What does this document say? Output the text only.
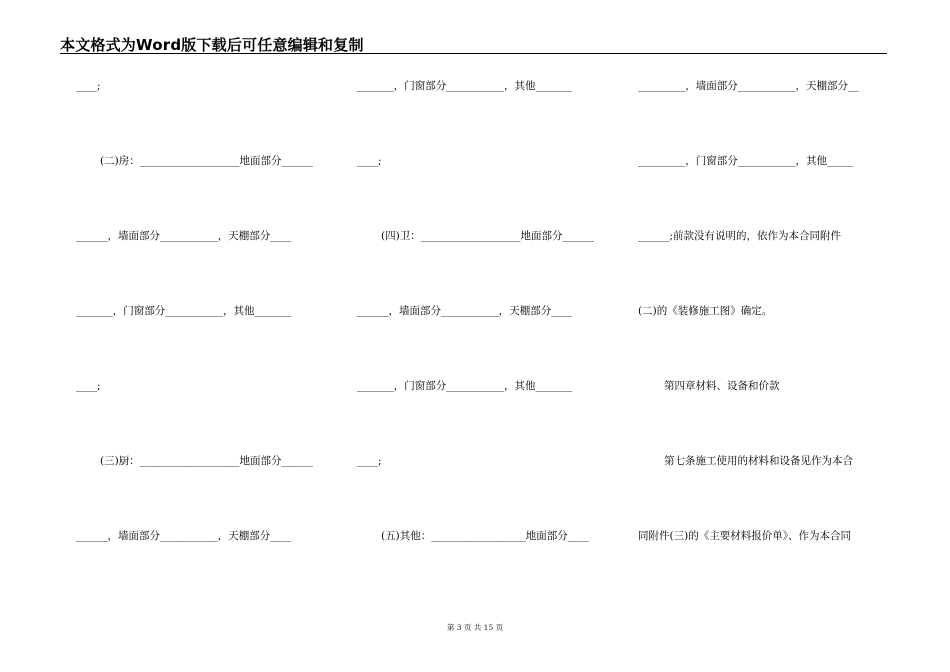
本文格式为Word版下载后可任意编辑和复制
____;
(二)房：___________________地面部分______
______，墙面部分___________，天棚部分____
_______，门窗部分___________，其他_______
____;
(三)厨：___________________地面部分______
______，墙面部分___________，天棚部分____
_______，门窗部分___________，其他_______
____;
(四)卫：___________________地面部分______
______，墙面部分___________，天棚部分____
_______，门窗部分___________，其他_______
____;
(五)其他：__________________地面部分____
_________，墙面部分___________，天棚部分__
_________，门窗部分___________，其他_____
______;前款没有说明的，依作为本合同附件
(二)的《装修施工图》确定。
第四章材料、设备和价款
第七条施工使用的材料和设备见作为本合
同附件(三)的《主要材料报价单》、作为本合同
第 3 页 共 15 页
